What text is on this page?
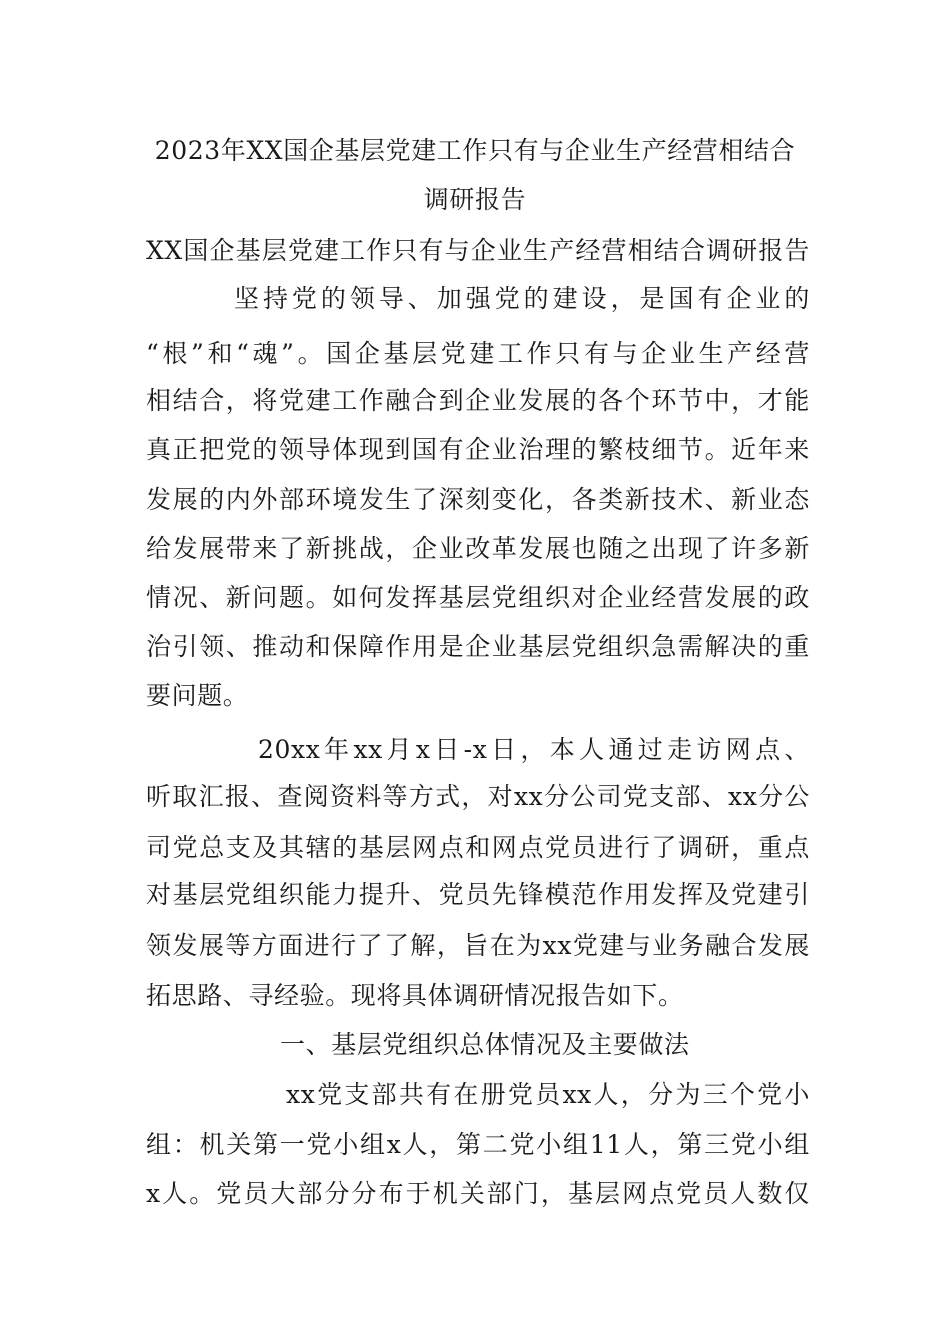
2023年XX国企基层党建工作只有与企业生产经营相结合
调研报告
XX国企基层党建工作只有与企业生产经营相结合调研报告
坚持党的领导、加强党的建设，是国有企业的
“根”和“魂”。国企基层党建工作只有与企业生产经营
相结合，将党建工作融合到企业发展的各个环节中，才能
真正把党的领导体现到国有企业治理的繁枝细节。近年来
发展的内外部环境发生了深刻变化，各类新技术、新业态
给发展带来了新挑战，企业改革发展也随之出现了许多新
情况、新问题。如何发挥基层党组织对企业经营发展的政
治引领、推动和保障作用是企业基层党组织急需解决的重
要问题。
20xx年xx月x日-x日，本人通过走访网点、
听取汇报、查阅资料等方式，对xx分公司党支部、xx分公
司党总支及其辖的基层网点和网点党员进行了调研，重点
对基层党组织能力提升、党员先锋模范作用发挥及党建引
领发展等方面进行了了解，旨在为xx党建与业务融合发展
拓思路、寻经验。现将具体调研情况报告如下。
一、基层党组织总体情况及主要做法
xx党支部共有在册党员xx人，分为三个党小
组：机关第一党小组x人，第二党小组11人，第三党小组
x人。党员大部分分布于机关部门，基层网点党员人数仅
